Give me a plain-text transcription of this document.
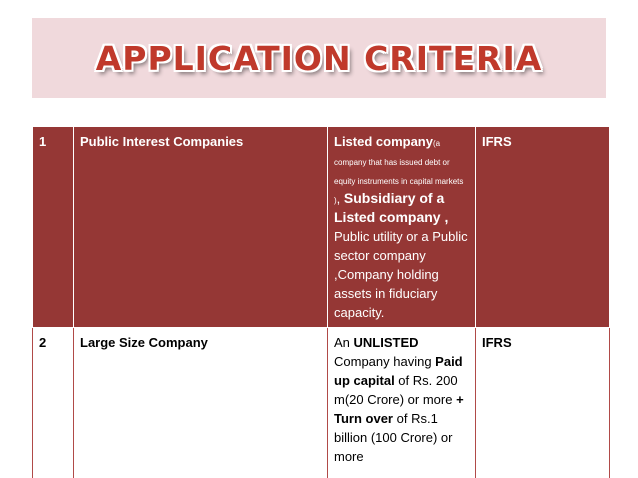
APPLICATION CRITERIA
1	Public Interest Companies	Listed company(a company that has issued debt or equity instruments in capital markets ), Subsidiary of a Listed company , Public utility or a Public sector company ,Company holding assets in fiduciary capacity.	IFRS
2	Large Size Company	An UNLISTED Company having Paid up capital of Rs. 200 m(20 Crore) or more + Turn over of Rs.1 billion (100 Crore) or more	IFRS
